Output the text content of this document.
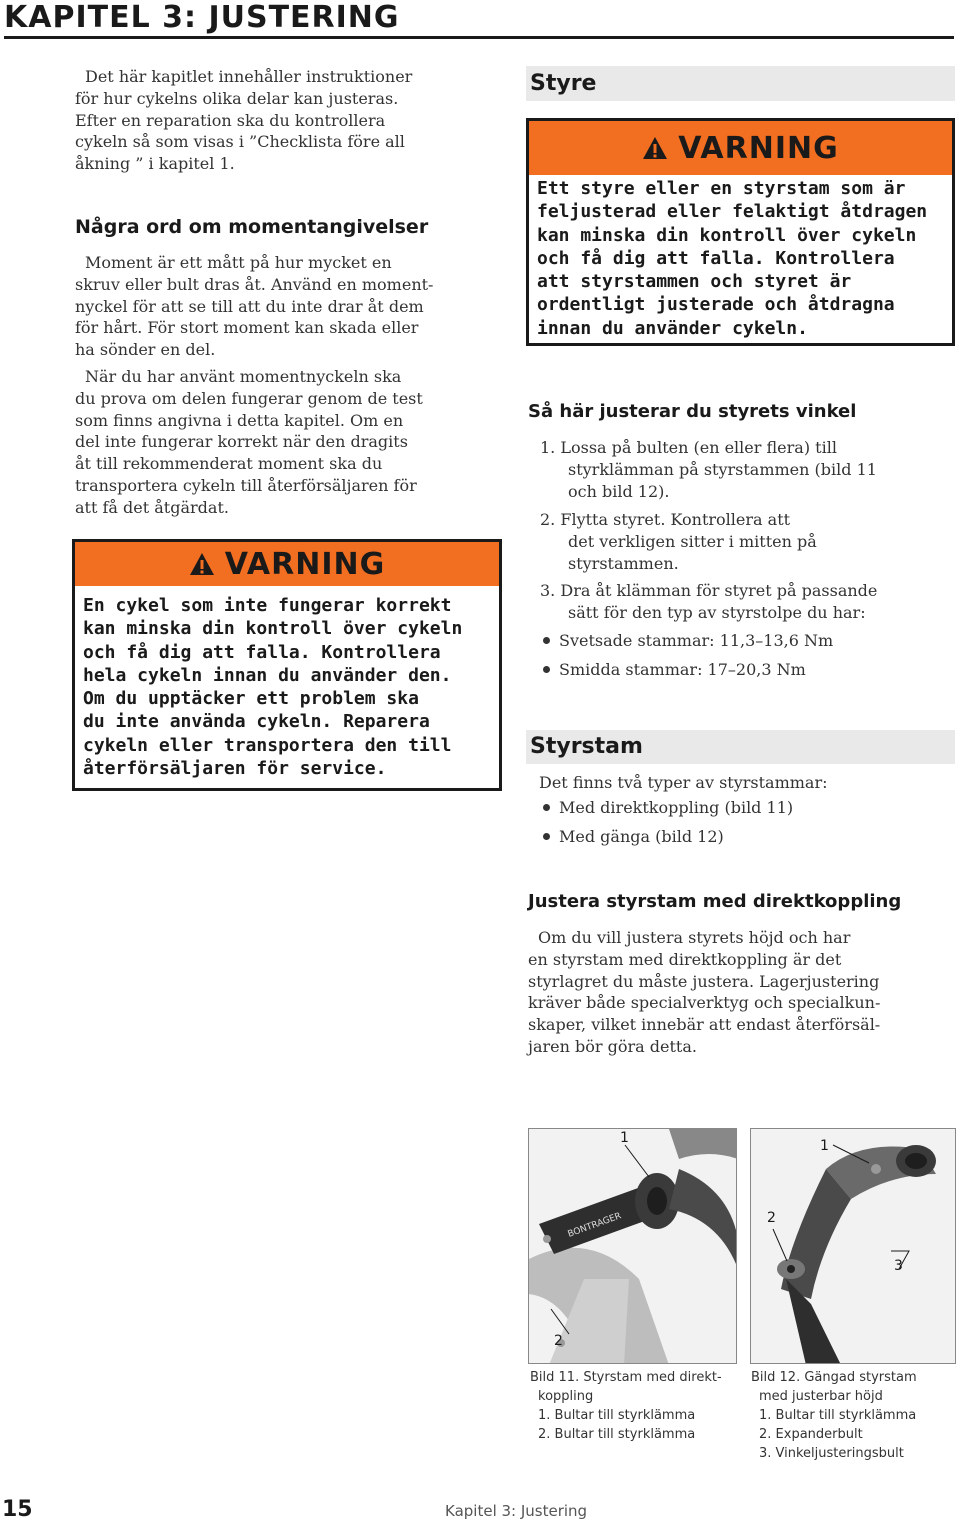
KAPITEL 3: JUSTERING
Det här kapitlet innehåller instruktioner
för hur cykelns olika delar kan justeras.
Efter en reparation ska du kontrollera
cykeln så som visas i ”Checklista före all
åkning ” i kapitel 1.
Några ord om momentangivelser
Moment är ett mått på hur mycket en
skruv eller bult dras åt. Använd en moment-
nyckel för att se till att du inte drar åt dem
för hårt. För stort moment kan skada eller
ha sönder en del.
När du har använt momentnyckeln ska
du prova om delen fungerar genom de test
som finns angivna i detta kapitel. Om en
del inte fungerar korrekt när den dragits
åt till rekommenderat moment ska du
transportera cykeln till återförsäljaren för
att få det åtgärdat.
VARNING
En cykel som inte fungerar korrekt
kan minska din kontroll över cykeln
och få dig att falla. Kontrollera
hela cykeln innan du använder den.
Om du upptäcker ett problem ska
du inte använda cykeln. Reparera
cykeln eller transportera den till
återförsäljaren för service.
Styre
VARNING
Ett styre eller en styrstam som är
feljusterad eller felaktigt åtdragen
kan minska din kontroll över cykeln
och få dig att falla. Kontrollera
att styrstammen och styret är
ordentligt justerade och åtdragna
innan du använder cykeln.
Så här justerar du styrets vinkel
1. Lossa på bulten (en eller flera) till
styrklämman på styrstammen (bild 11
och bild 12).
2. Flytta styret. Kontrollera att
det verkligen sitter i mitten på
styrstammen.
3. Dra åt klämman för styret på passande
sätt för den typ av styrstolpe du har:
Svetsade stammar: 11,3–13,6 Nm
Smidda stammar: 17–20,3 Nm
Styrstam
Det finns två typer av styrstammar:
Med direktkoppling (bild 11)
Med gänga (bild 12)
Justera styrstam med direktkoppling
Om du vill justera styrets höjd och har
en styrstam med direktkoppling är det
styrlagret du måste justera. Lagerjustering
kräver både specialverktyg och specialkun-
skaper, vilket innebär att endast återförsäl-
jaren bör göra detta.
BONTRAGER
1
2
Bild 11. Styrstam med direkt-
koppling
1. Bultar till styrklämma
2. Bultar till styrklämma
1
2
3
Bild 12. Gängad styrstam
med justerbar höjd
1. Bultar till styrklämma
2. Expanderbult
3. Vinkeljusteringsbult
15	Kapitel 3: Justering
